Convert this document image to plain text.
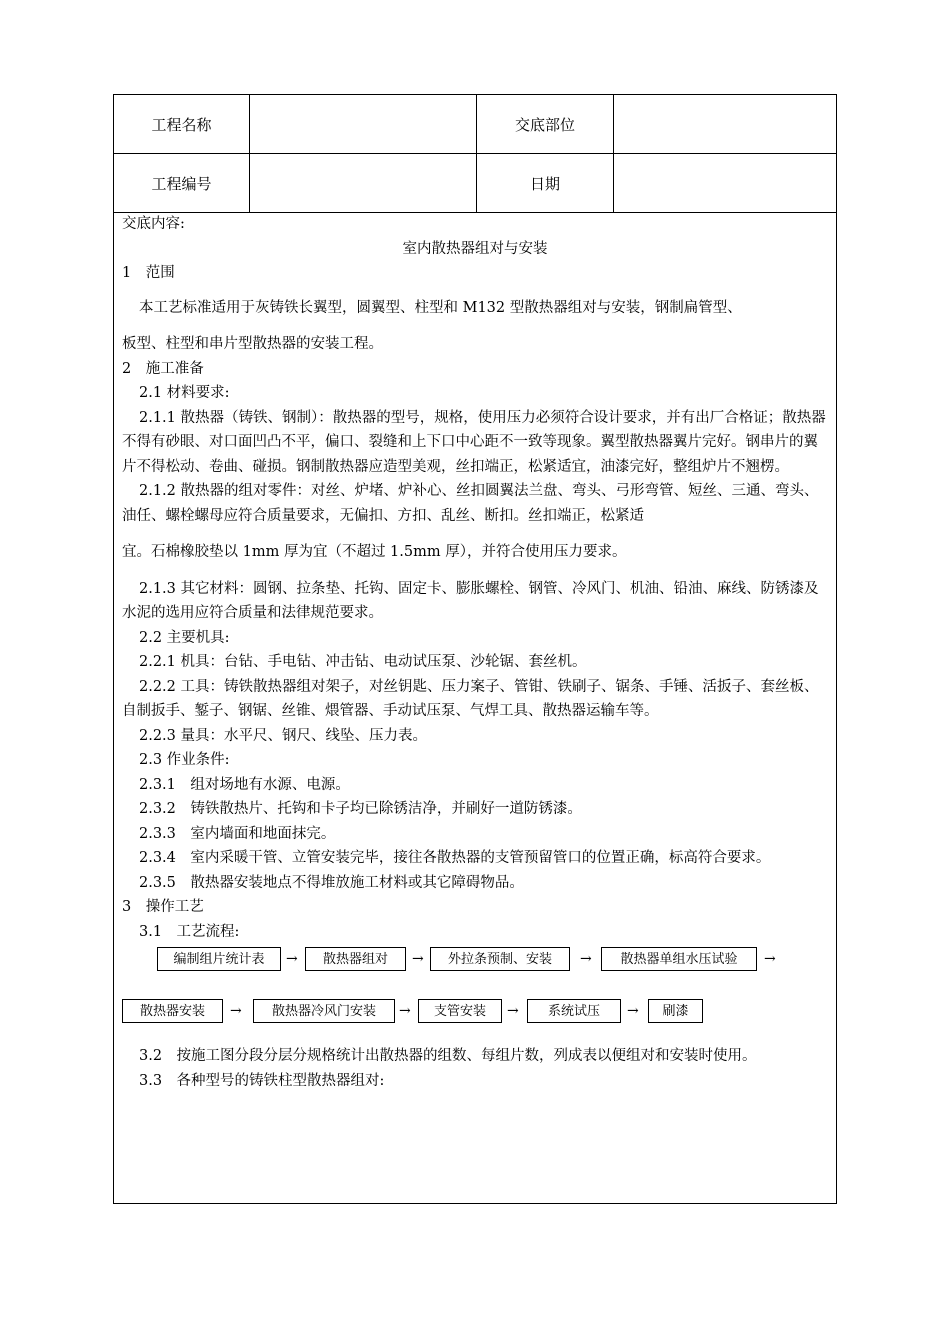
工程名称		交底部位	
工程编号		日期	

交底内容:

室内散热器组对与安装

1　范围

本工艺标准适用于灰铸铁长翼型，圆翼型、柱型和 M132 型散热器组对与安装，钢制扁管型、

板型、柱型和串片型散热器的安装工程。

2　施工准备

2.1 材料要求:

2.1.1 散热器（铸铁、钢制）：散热器的型号，规格，使用压力必须符合设计要求，并有出厂合格证；散热器不得有砂眼、对口面凹凸不平，偏口、裂缝和上下口中心距不一致等现象。翼型散热器翼片完好。钢串片的翼片不得松动、卷曲、碰损。钢制散热器应造型美观，丝扣端正，松紧适宜，油漆完好，整组炉片不翘楞。

2.1.2 散热器的组对零件：对丝、炉堵、炉补心、丝扣圆翼法兰盘、弯头、弓形弯管、短丝、三通、弯头、油任、螺栓螺母应符合质量要求，无偏扣、方扣、乱丝、断扣。丝扣端正，松紧适

宜。石棉橡胶垫以 1mm 厚为宜（不超过 1.5mm 厚），并符合使用压力要求。

2.1.3 其它材料：圆钢、拉条垫、托钩、固定卡、膨胀螺栓、钢管、冷风门、机油、铅油、麻线、防锈漆及水泥的选用应符合质量和法律规范要求。

2.2 主要机具:

2.2.1 机具：台钻、手电钻、冲击钻、电动试压泵、沙轮锯、套丝机。

2.2.2 工具：铸铁散热器组对架子，对丝钥匙、压力案子、管钳、铁刷子、锯条、手锤、活扳子、套丝板、自制扳手、錾子、钢锯、丝锥、煨管器、手动试压泵、气焊工具、散热器运输车等。

2.2.3 量具：水平尺、钢尺、线坠、压力表。

2.3 作业条件:

2.3.1　组对场地有水源、电源。

2.3.2　铸铁散热片、托钩和卡子均已除锈洁净，并刷好一道防锈漆。

2.3.3　室内墙面和地面抹完。

2.3.4　室内采暖干管、立管安装完毕，接往各散热器的支管预留管口的位置正确，标高符合要求。

2.3.5　散热器安装地点不得堆放施工材料或其它障碍物品。

3　操作工艺

3.1　工艺流程:

编制组片统计表	→	散热器组对	→	外拉条预制、安装	→	散热器单组水压试验	→
散热器安装	→	散热器冷风门安装	→	支管安装	→	系统试压	→	刷漆

3.2　按施工图分段分层分规格统计出散热器的组数、每组片数，列成表以便组对和安装时使用。

3.3　各种型号的铸铁柱型散热器组对:
